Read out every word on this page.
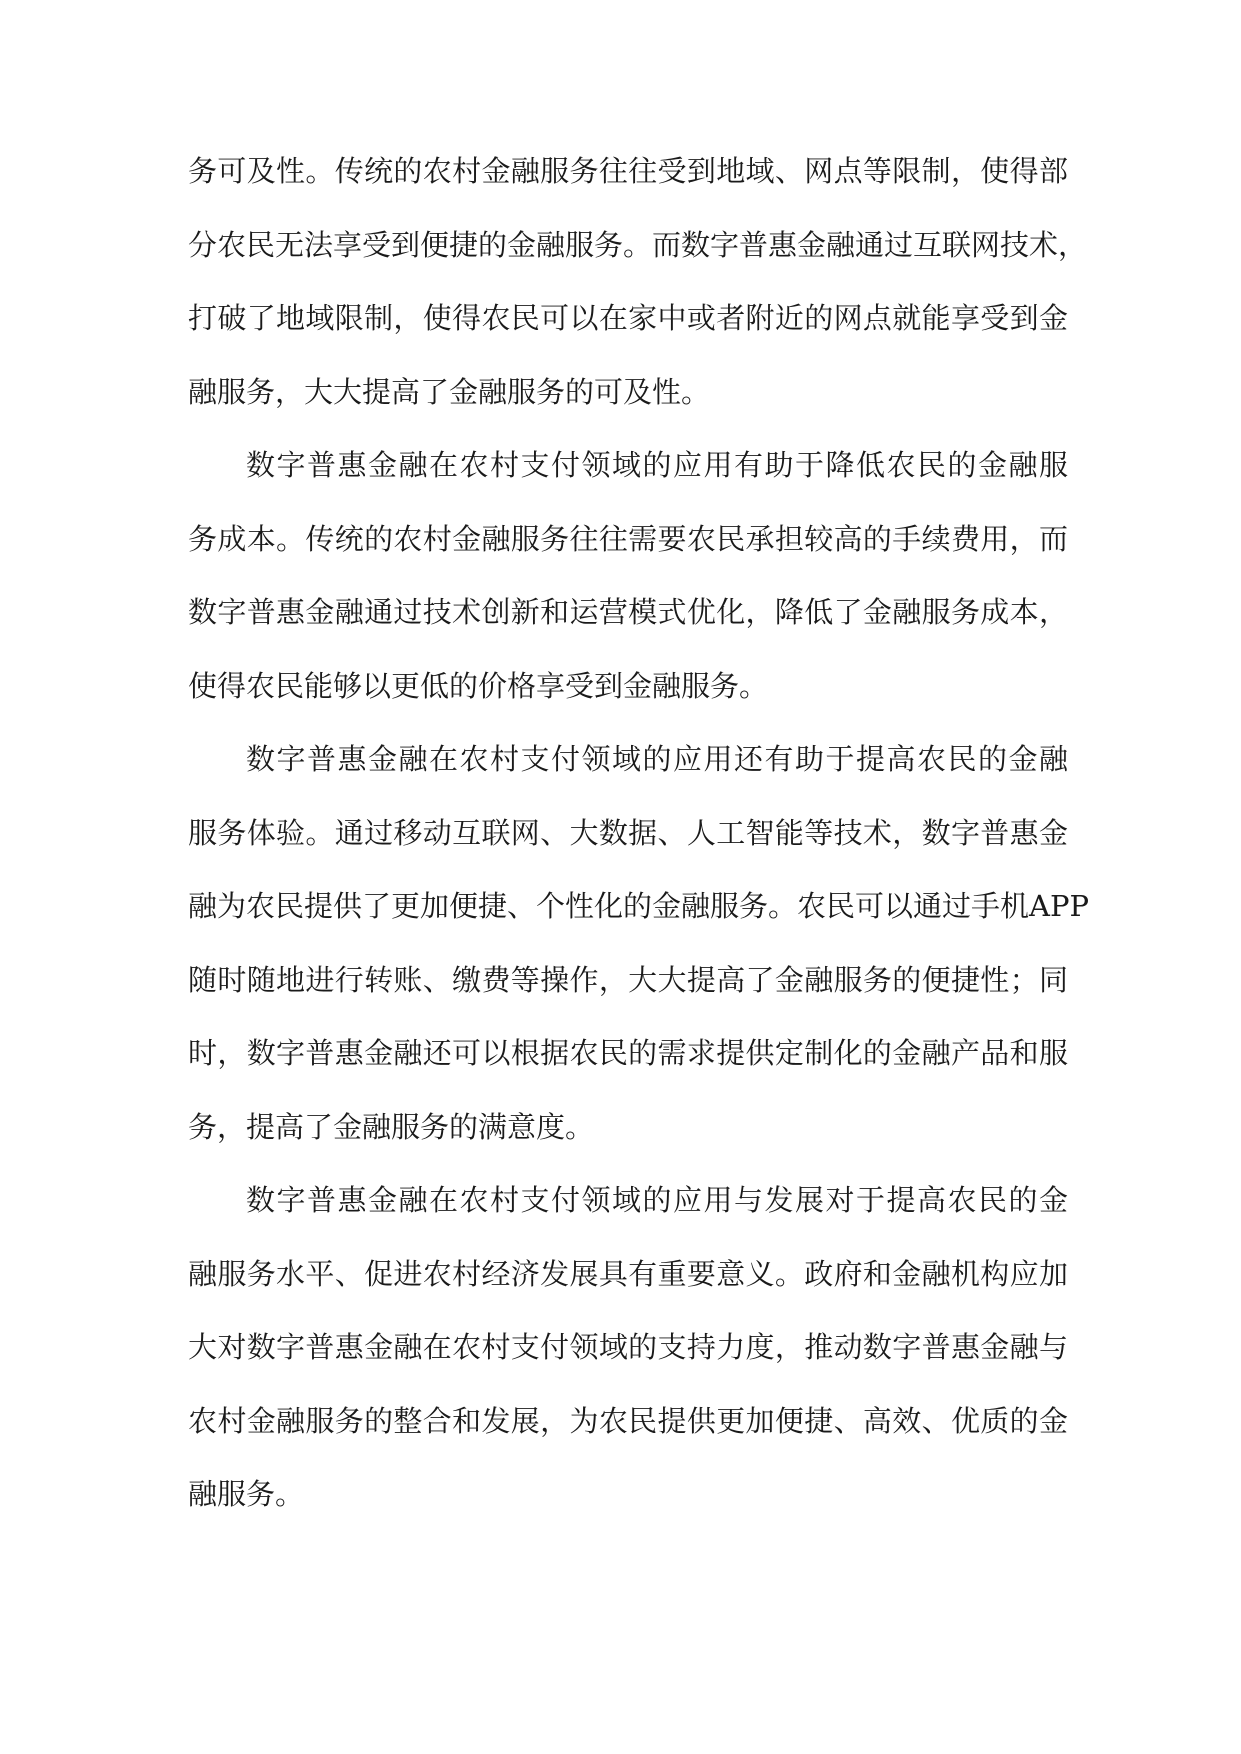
务可及性。传统的农村金融服务往往受到地域、网点等限制，使得部
分农民无法享受到便捷的金融服务。而数字普惠金融通过互联网技术，
打破了地域限制，使得农民可以在家中或者附近的网点就能享受到金
融服务，大大提高了金融服务的可及性。
数字普惠金融在农村支付领域的应用有助于降低农民的金融服
务成本。传统的农村金融服务往往需要农民承担较高的手续费用，而
数字普惠金融通过技术创新和运营模式优化，降低了金融服务成本，
使得农民能够以更低的价格享受到金融服务。
数字普惠金融在农村支付领域的应用还有助于提高农民的金融
服务体验。通过移动互联网、大数据、人工智能等技术，数字普惠金
融为农民提供了更加便捷、个性化的金融服务。农民可以通过手机APP
随时随地进行转账、缴费等操作，大大提高了金融服务的便捷性；同
时，数字普惠金融还可以根据农民的需求提供定制化的金融产品和服
务，提高了金融服务的满意度。
数字普惠金融在农村支付领域的应用与发展对于提高农民的金
融服务水平、促进农村经济发展具有重要意义。政府和金融机构应加
大对数字普惠金融在农村支付领域的支持力度，推动数字普惠金融与
农村金融服务的整合和发展，为农民提供更加便捷、高效、优质的金
融服务。
